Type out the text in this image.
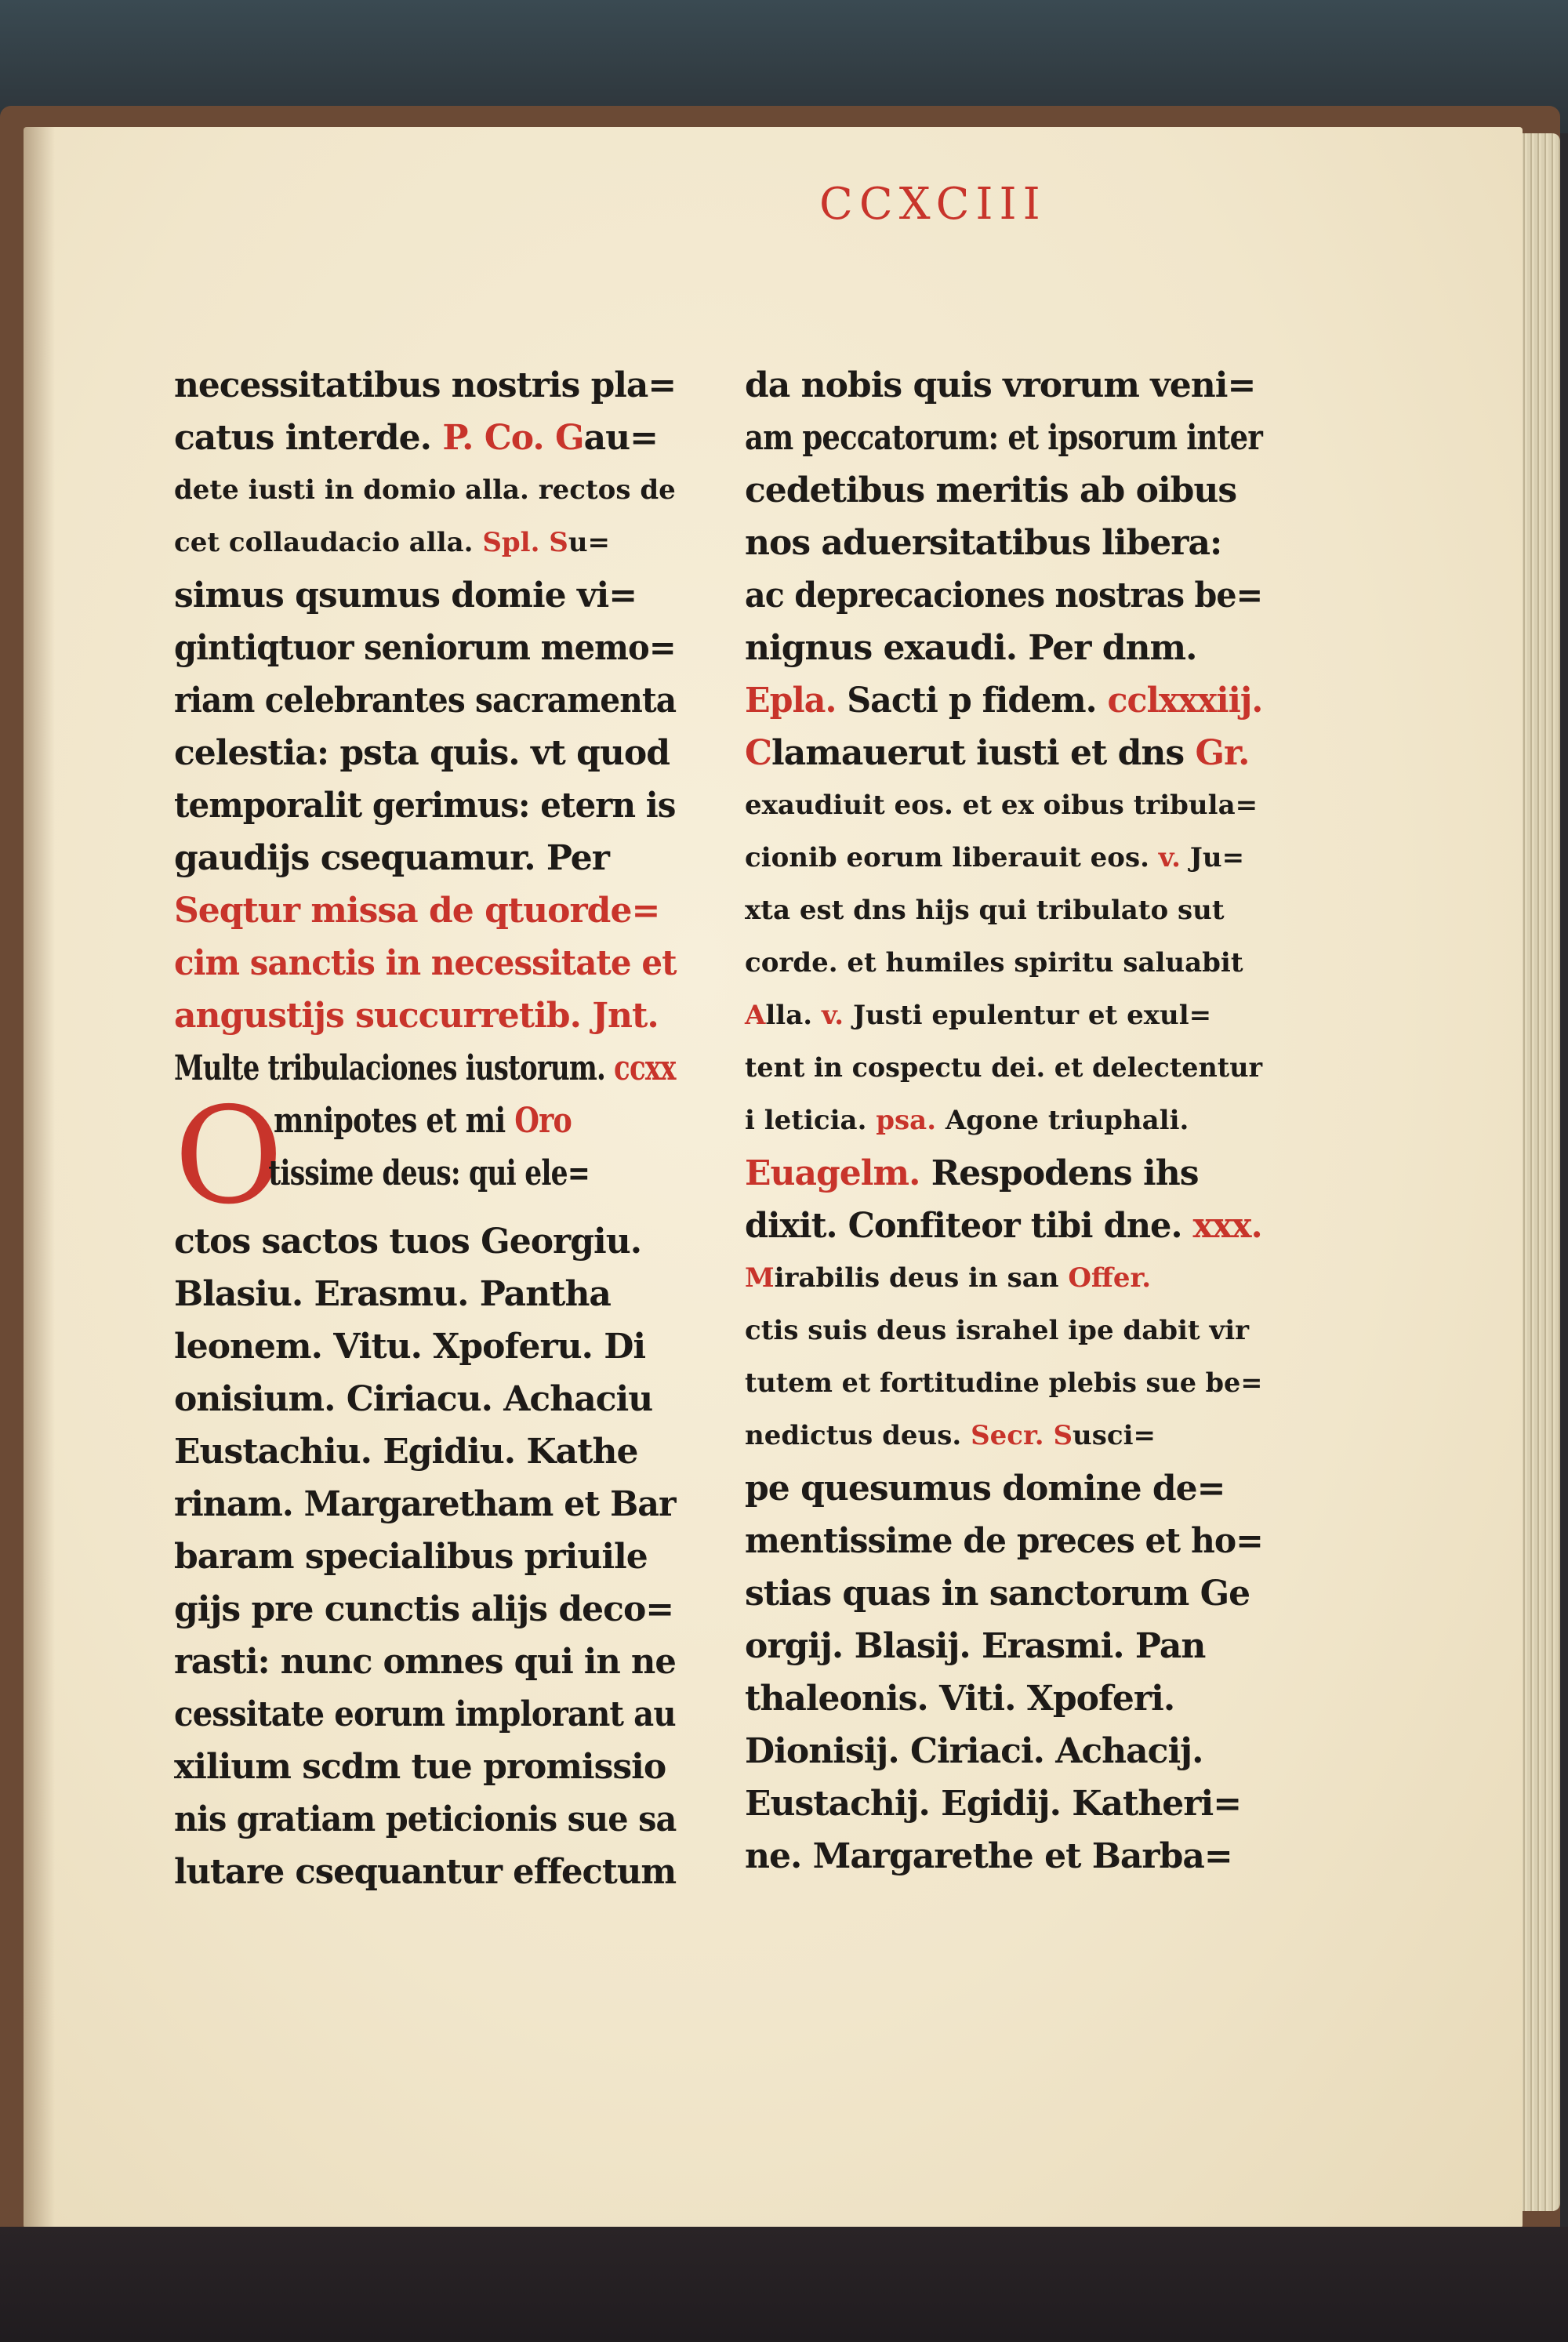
CCXCIII
necessitatibus nostris pla=
catus interde. P. Co. Gau=
dete iusti in domio alla. rectos de
cet collaudacio alla. Spl. Su=
simus qsumus domie vi=
gintiqtuor seniorum memo=
riam celebrantes sacramenta
celestia: psta quis. vt quod
temporalit gerimus: etern is
gaudijs csequamur. Per
Seqtur missa de qtuorde=
cim sanctis in necessitate et
angustijs succurretib. Jnt.
Multe tribulaciones iustorum. ccxx
O
mnipotes et mi Oro
tissime deus: qui ele=
ctos sactos tuos Georgiu.
Blasiu. Erasmu. Pantha
leonem. Vitu. Xpoferu. Di
onisium. Ciriacu. Achaciu
Eustachiu. Egidiu. Kathe
rinam. Margaretham et Bar
baram specialibus priuile
gijs pre cunctis alijs deco=
rasti: nunc omnes qui in ne
cessitate eorum implorant au
xilium scdm tue promissio
nis gratiam peticionis sue sa
lutare csequantur effectum
da nobis quis vrorum veni=
am peccatorum: et ipsorum inter
cedetibus meritis ab oibus
nos aduersitatibus libera:
ac deprecaciones nostras be=
nignus exaudi. Per dnm.
Epla. Sacti p fidem. cclxxxiij.
Clamauerut iusti et dns Gr.
exaudiuit eos. et ex oibus tribula=
cionib eorum liberauit eos. v. Ju=
xta est dns hijs qui tribulato sut
corde. et humiles spiritu saluabit
Alla. v. Justi epulentur et exul=
tent in cospectu dei. et delectentur
i leticia. psa. Agone triuphali.
Euagelm. Respodens ihs
dixit. Confiteor tibi dne. xxx.
Mirabilis deus in san Offer.
ctis suis deus israhel ipe dabit vir
tutem et fortitudine plebis sue be=
nedictus deus. Secr. Susci=
pe quesumus domine de=
mentissime de preces et ho=
stias quas in sanctorum Ge
orgij. Blasij. Erasmi. Pan
thaleonis. Viti. Xpoferi.
Dionisij. Ciriaci. Achacij.
Eustachij. Egidij. Katheri=
ne. Margarethe et Barba=
